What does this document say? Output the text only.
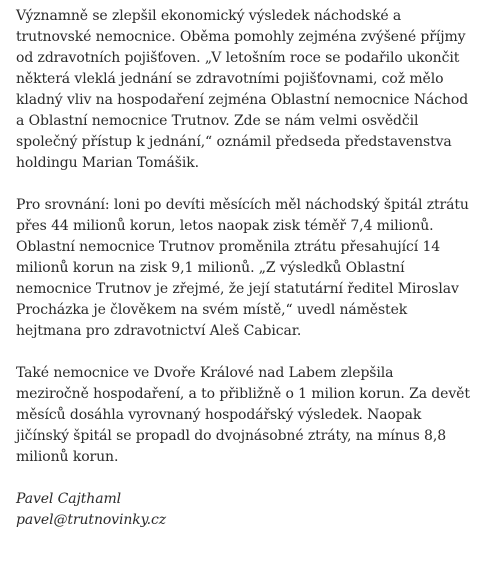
Významně se zlepšil ekonomický výsledek náchodské a trutnovské nemocnice. Oběma pomohly zejména zvýšené příjmy od zdravotních pojišťoven. „V letošním roce se podařilo ukončit některá vleklá jednání se zdravotními pojišťovnami, což mělo kladný vliv na hospodaření zejména Oblastní nemocnice Náchod a Oblastní nemocnice Trutnov. Zde se nám velmi osvědčil společný přístup k jednání,“ oznámil předseda představenstva holdingu Marian Tomášik.

Pro srovnání: loni po devíti měsících měl náchodský špitál ztrátu přes 44 milionů korun, letos naopak zisk téměř 7,4 milionů. Oblastní nemocnice Trutnov proměnila ztrátu přesahující 14 milionů korun na zisk 9,1 milionů. „Z výsledků Oblastní nemocnice Trutnov je zřejmé, že její statutární ředitel Miroslav Procházka je člověkem na svém místě,“ uvedl náměstek hejtmana pro zdravotnictví Aleš Cabicar.

Také nemocnice ve Dvoře Králové nad Labem zlepšila meziročně hospodaření, a to přibližně o 1 milion korun. Za devět měsíců dosáhla vyrovnaný hospodářský výsledek. Naopak jičínský špitál se propadl do dvojnásobné ztráty, na mínus 8,8 milionů korun.

Pavel Cajthaml
pavel@trutnovinky.cz
